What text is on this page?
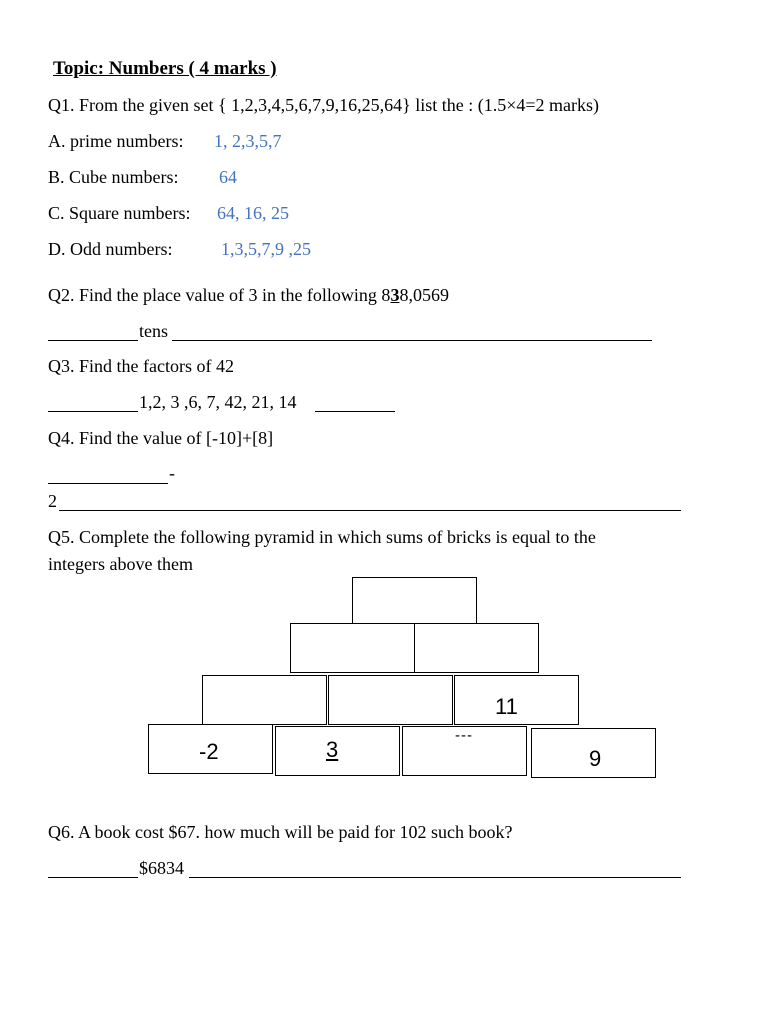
Topic: Numbers ( 4 marks )
Q1. From the given set { 1,2,3,4,5,6,7,9,16,25,64} list the : (1.5×4=2 marks)
A. prime numbers: 1, 2,3,5,7
B. Cube numbers: 64
C. Square numbers: 64, 16, 25
D. Odd numbers:	1,3,5,7,9 ,25
Q2. Find the place value of 3 in the following 838,0569
tens
Q3. Find the factors of 42
1,2, 3 ,6, 7, 42, 21, 14
Q4. Find the value of [-10]+[8]
-
2
Q5. Complete the following pyramid in which sums of bricks is equal to the
integers above them
11
-2	3
---
9
Q6. A book cost $67. how much will be paid for 102 such book?
$6834
